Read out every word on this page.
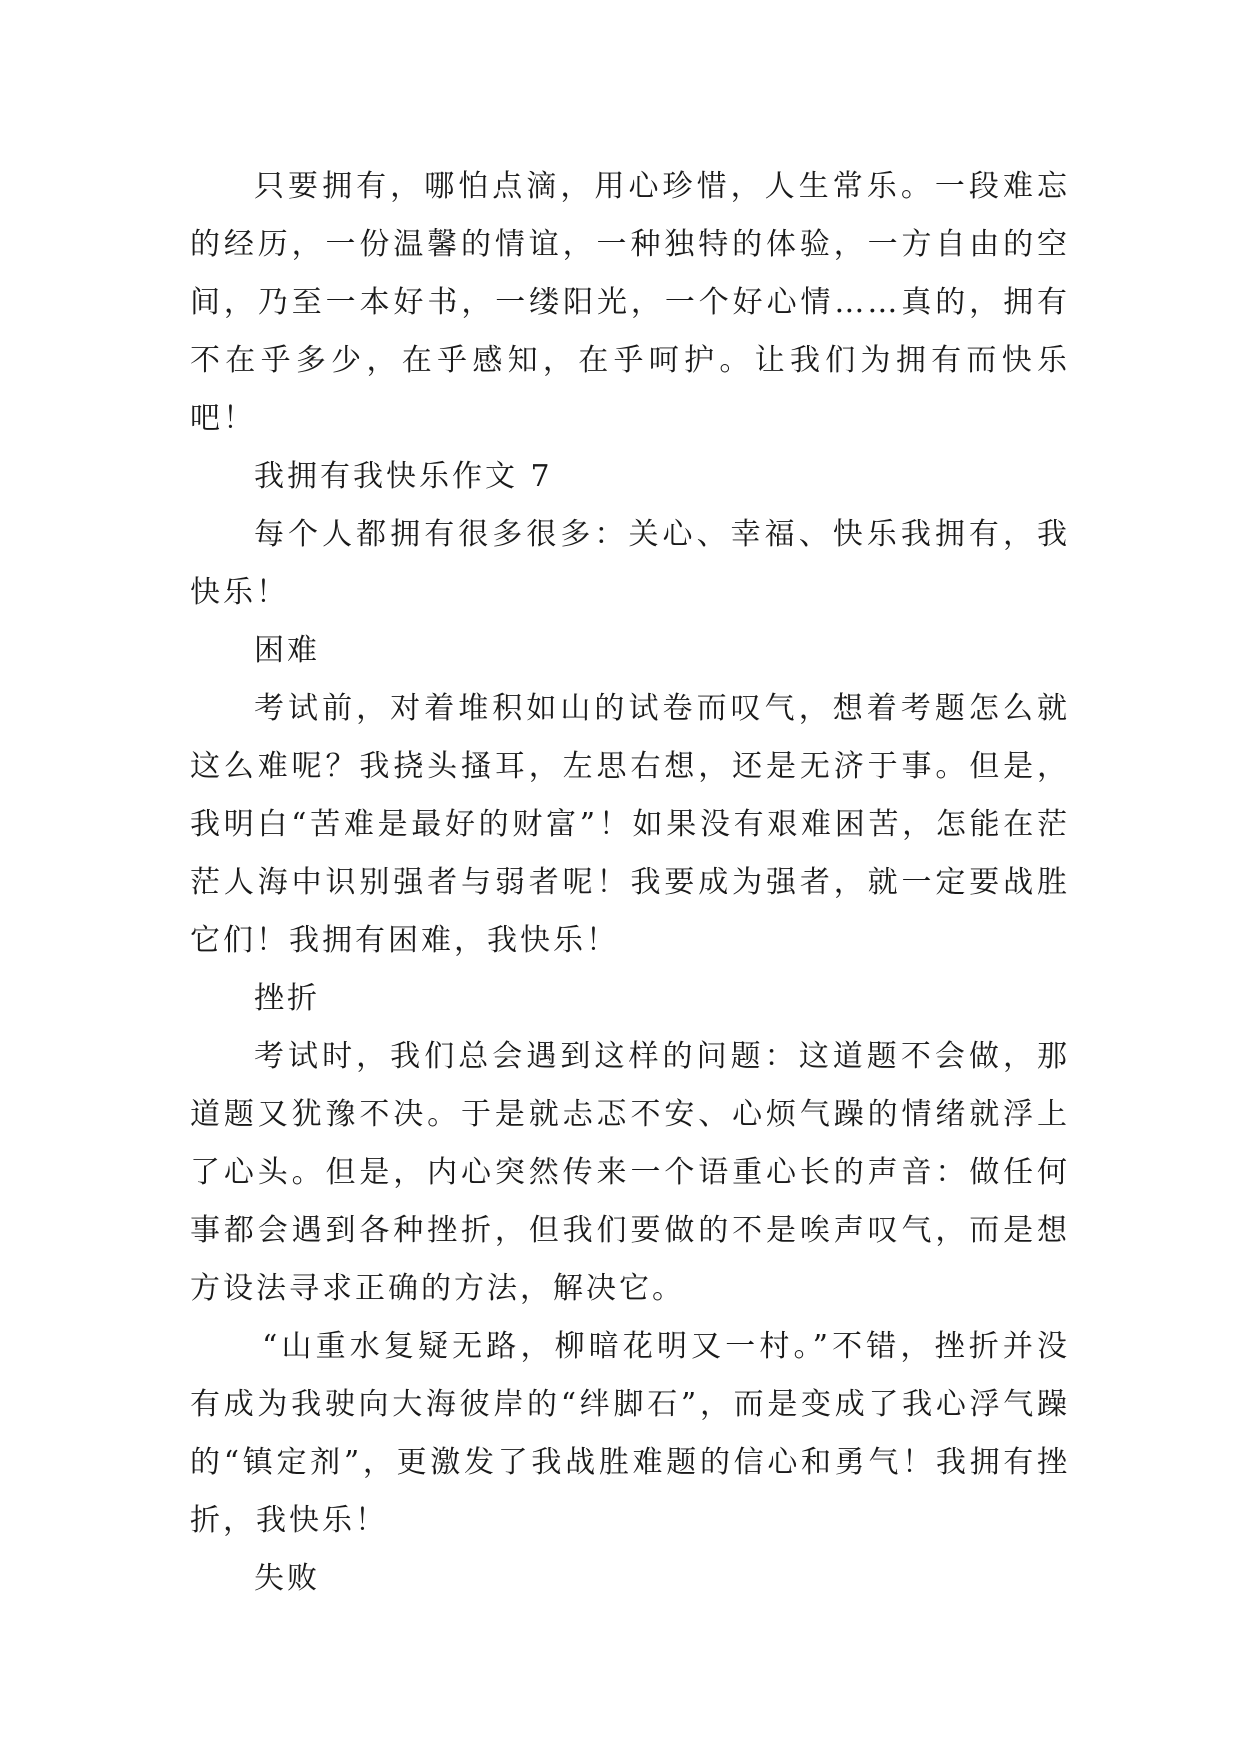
只要拥有，哪怕点滴，用心珍惜，人生常乐。一段难忘的经历，一份温馨的情谊，一种独特的体验，一方自由的空间，乃至一本好书，一缕阳光，一个好心情……真的，拥有不在乎多少，在乎感知，在乎呵护。让我们为拥有而快乐吧！

我拥有我快乐作文 7

每个人都拥有很多很多：关心、幸福、快乐我拥有，我快乐！

困难

考试前，对着堆积如山的试卷而叹气，想着考题怎么就这么难呢？我挠头搔耳，左思右想，还是无济于事。但是，我明白“苦难是最好的财富”！如果没有艰难困苦，怎能在茫茫人海中识别强者与弱者呢！我要成为强者，就一定要战胜它们！我拥有困难，我快乐！

挫折

考试时，我们总会遇到这样的问题：这道题不会做，那道题又犹豫不决。于是就忐忑不安、心烦气躁的情绪就浮上了心头。但是，内心突然传来一个语重心长的声音：做任何事都会遇到各种挫折，但我们要做的不是唉声叹气，而是想方设法寻求正确的方法，解决它。

“山重水复疑无路，柳暗花明又一村。”不错，挫折并没有成为我驶向大海彼岸的“绊脚石”，而是变成了我心浮气躁的“镇定剂”，更激发了我战胜难题的信心和勇气！我拥有挫折，我快乐！

失败
